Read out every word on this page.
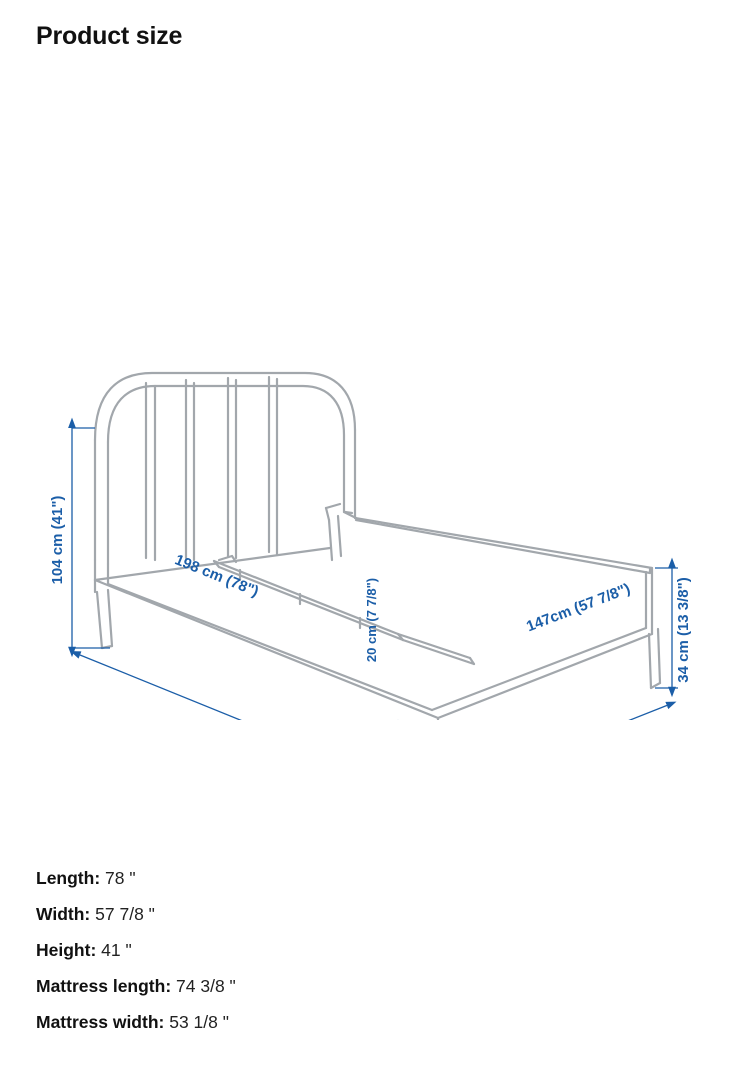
Product size
104 cm (41")	198 cm (78")
147cm (57 7/8")	34 cm (13 3/8")
20 cm (7 7/8")
Length: 78 "
Width: 57 7/8 "
Height: 41 "
Mattress length: 74 3/8 "
Mattress width: 53 1/8 "
